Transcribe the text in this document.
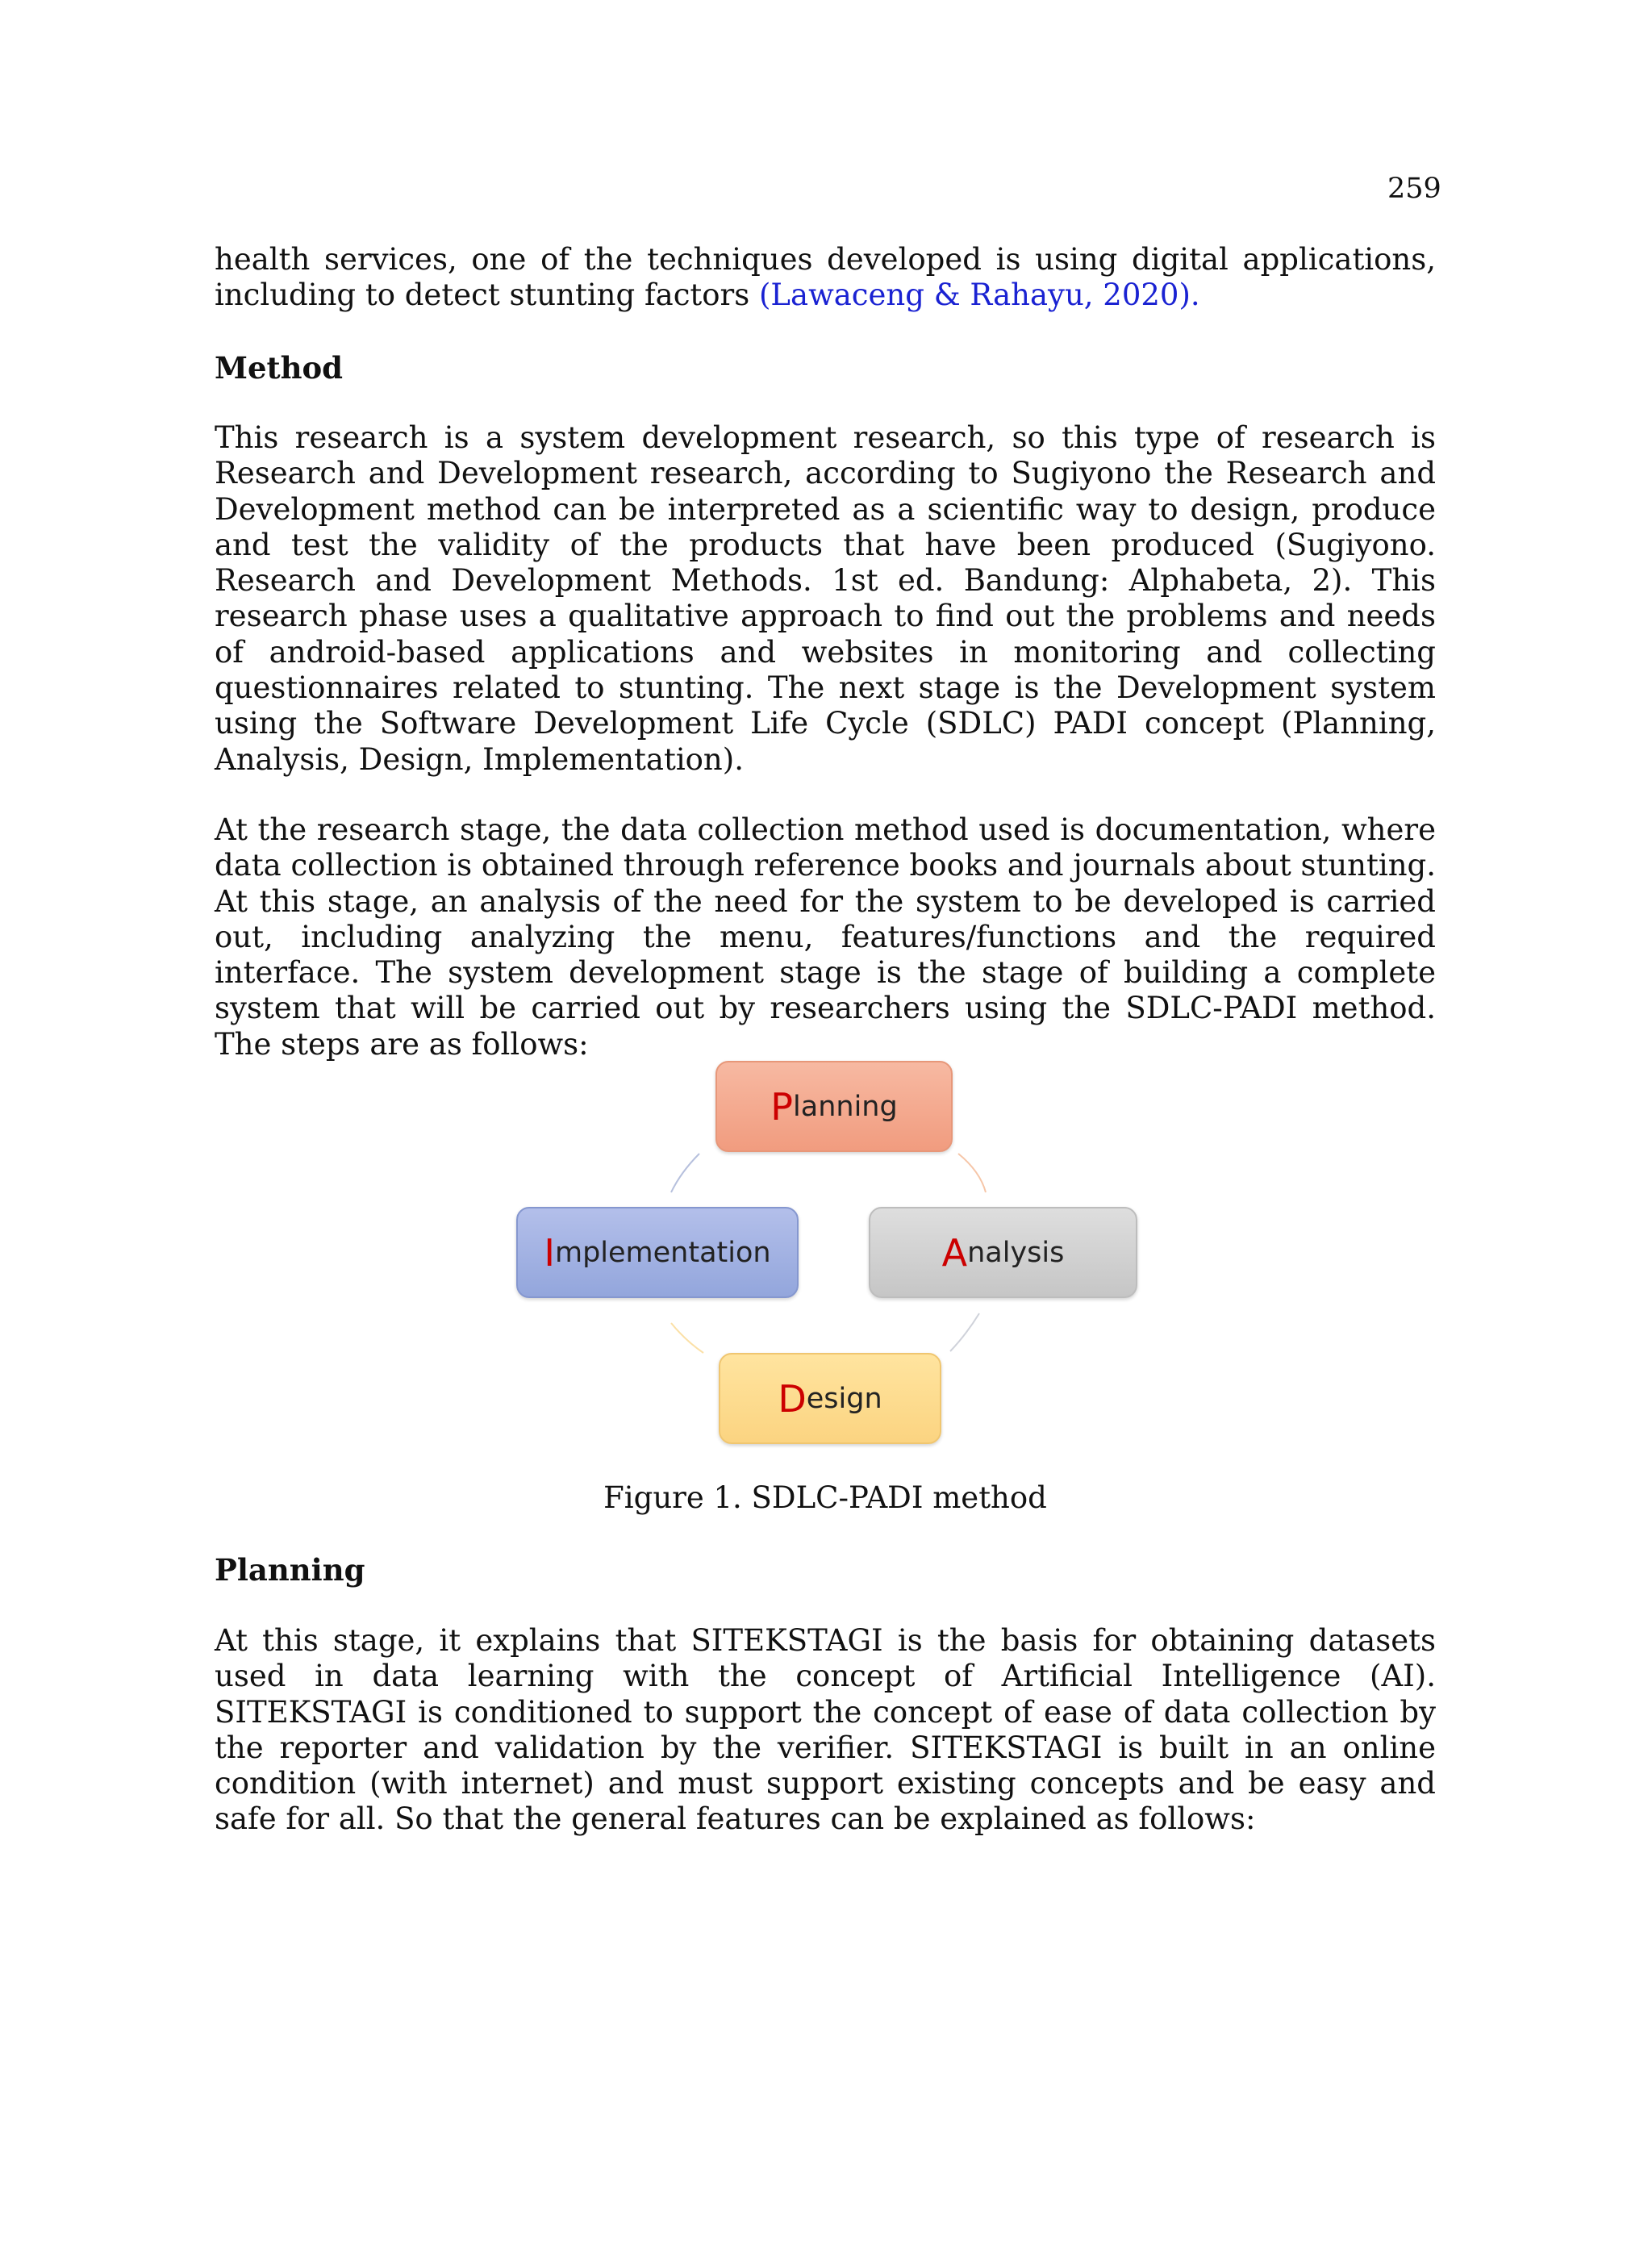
259

health services, one of the techniques developed is using digital applications, including to detect stunting factors (Lawaceng & Rahayu, 2020).

Method

This research is a system development research, so this type of research is Research and Development research, according to Sugiyono the Research and Development method can be interpreted as a scientific way to design, produce and test the validity of the products that have been produced (Sugiyono. Research and Development Methods. 1st ed. Bandung: Alphabeta, 2). This research phase uses a qualitative approach to find out the problems and needs of android-based applications and websites in monitoring and collecting questionnaires related to stunting. The next stage is the Development system using the Software Development Life Cycle (SDLC) PADI concept (Planning, Analysis, Design, Implementation).

At the research stage, the data collection method used is documentation, where data collection is obtained through reference books and journals about stunting. At this stage, an analysis of the need for the system to be developed is carried out, including analyzing the menu, features/functions and the required interface. The system development stage is the stage of building a complete system that will be carried out by researchers using the SDLC-PADI method. The steps are as follows:

P lanning
A nalysis
D esign
I mplementation
Figure 1. SDLC-PADI method
Planning

At this stage, it explains that SITEKSTAGI is the basis for obtaining datasets used in data learning with the concept of Artificial Intelligence (AI). SITEKSTAGI is conditioned to support the concept of ease of data collection by the reporter and validation by the verifier. SITEKSTAGI is built in an online condition (with internet) and must support existing concepts and be easy and safe for all. So that the general features can be explained as follows:
